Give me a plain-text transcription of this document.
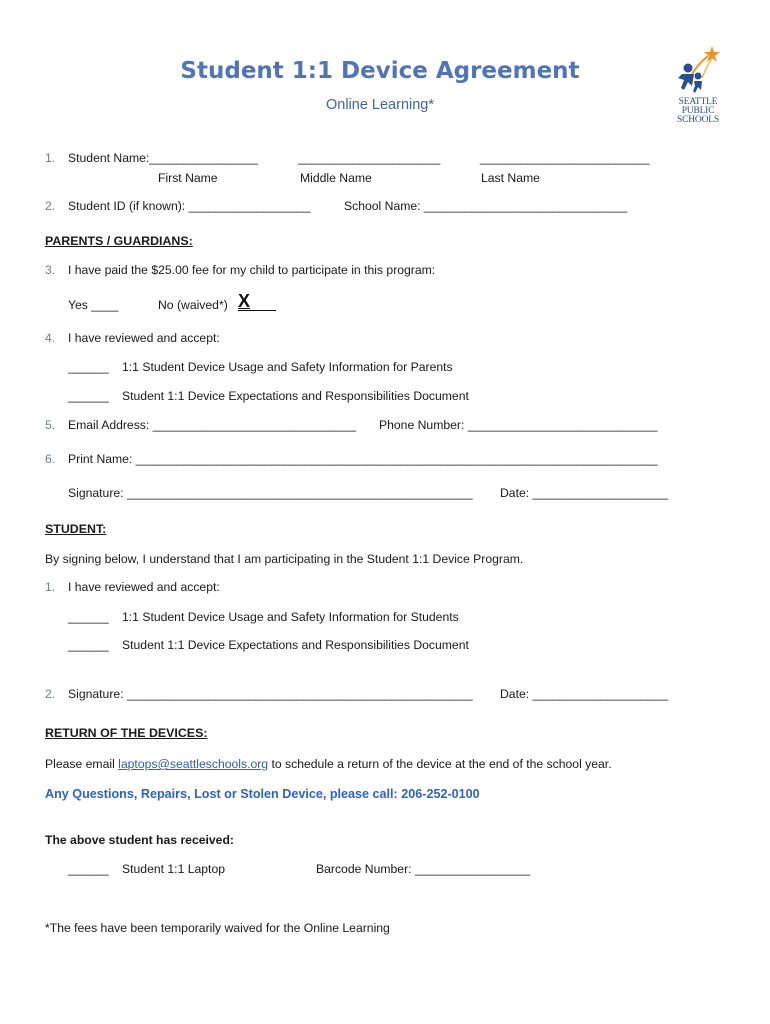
Student 1:1 Device Agreement
Online Learning*	SEATTLE
PUBLIC
SCHOOLS
1. Student Name:________________	_____________________	_________________________
First Name	Middle Name	Last Name
2. Student ID (if known): __________________	School Name: ______________________________
PARENTS / GUARDIANS:
3. I have paid the $25.00 fee for my child to participate in this program:
Yes ____	No (waived*) X
4. I have reviewed and accept:
______ 1:1 Student Device Usage and Safety Information for Parents
______ Student 1:1 Device Expectations and Responsibilities Document
5. Email Address: ______________________________ Phone Number: ____________________________
6. Print Name: _____________________________________________________________________________
Signature: ___________________________________________________ Date: ____________________
STUDENT:
By signing below, I understand that I am participating in the Student 1:1 Device Program.
1. I have reviewed and accept:
______ 1:1 Student Device Usage and Safety Information for Students
______ Student 1:1 Device Expectations and Responsibilities Document
2. Signature: ___________________________________________________ Date: ____________________
RETURN OF THE DEVICES:
Please email laptops@seattleschools.org to schedule a return of the device at the end of the school year.
Any Questions, Repairs, Lost or Stolen Device, please call: 206-252-0100
The above student has received:
______ Student 1:1 Laptop	Barcode Number: _________________
*The fees have been temporarily waived for the Online Learning
